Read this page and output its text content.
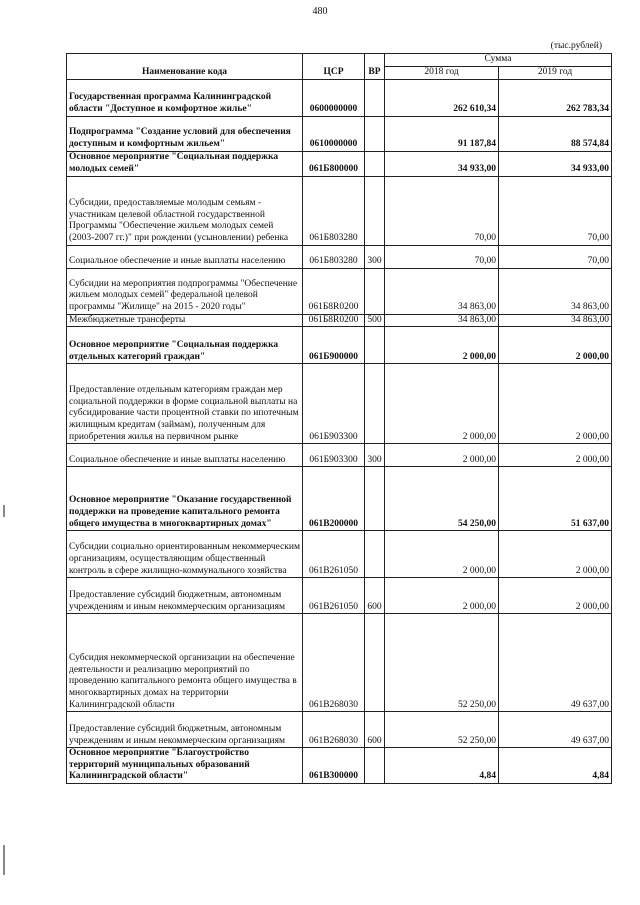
480
(тыс.рублей)
Наименование кода	ЦСР	ВР	Сумма	
			2018 год	2019 год
Государственная программа Калининградской области "Доступное и комфортное жилье"	0600000000		262 610,34	262 783,34
Подпрограмма "Создание условий для обеспечения доступным и комфортным жильем"	0610000000		91 187,84	88 574,84
Основное мероприятие "Социальная поддержка молодых семей"	061Б800000		34 933,00	34 933,00
Субсидии, предоставляемые молодым семьям - участникам целевой областной государственной Программы "Обеспечение жильем молодых семей (2003-2007 гг.)" при рождении (усыновлении) ребенка	061Б803280		70,00	70,00
Социальное обеспечение и иные выплаты населению	061Б803280	300	70,00	70,00
Субсидии на мероприятия подпрограммы "Обеспечение жильем молодых семей" федеральной целевой программы "Жилище" на 2015 - 2020 годы"	061Б8R0200		34 863,00	34 863,00
Межбюджетные трансферты	061Б8R0200	500	34 863,00	34 863,00
Основное мероприятие "Социальная поддержка отдельных категорий граждан"	061Б900000		2 000,00	2 000,00
Предоставление отдельным категориям граждан мер социальной поддержки в форме социальной выплаты на субсидирование части процентной ставки по ипотечным жилищным кредитам (займам), полученным для приобретения жилья на первичном рынке	061Б903300		2 000,00	2 000,00
Социальное обеспечение и иные выплаты населению	061Б903300	300	2 000,00	2 000,00
Основное мероприятие "Оказание государственной поддержки на проведение капитального ремонта общего имущества в многоквартирных домах"	061В200000		54 250,00	51 637,00
Субсидии социально ориентированным некоммерческим организациям, осуществляющим общественный контроль в сфере жилищно-коммунального хозяйства	061В261050		2 000,00	2 000,00
Предоставление субсидий бюджетным, автономным учреждениям и иным некоммерческим организациям	061В261050	600	2 000,00	2 000,00
Субсидия некоммерческой организации на обеспечение деятельности и реализацию мероприятий по проведению капитального ремонта общего имущества в многоквартирных домах на территории Калининградской области	061В268030		52 250,00	49 637,00
Предоставление субсидий бюджетным, автономным учреждениям и иным некоммерческим организациям	061В268030	600	52 250,00	49 637,00
Основное мероприятие "Благоустройство территорий муниципальных образований Калининградской области"	061В300000		4,84	4,84
